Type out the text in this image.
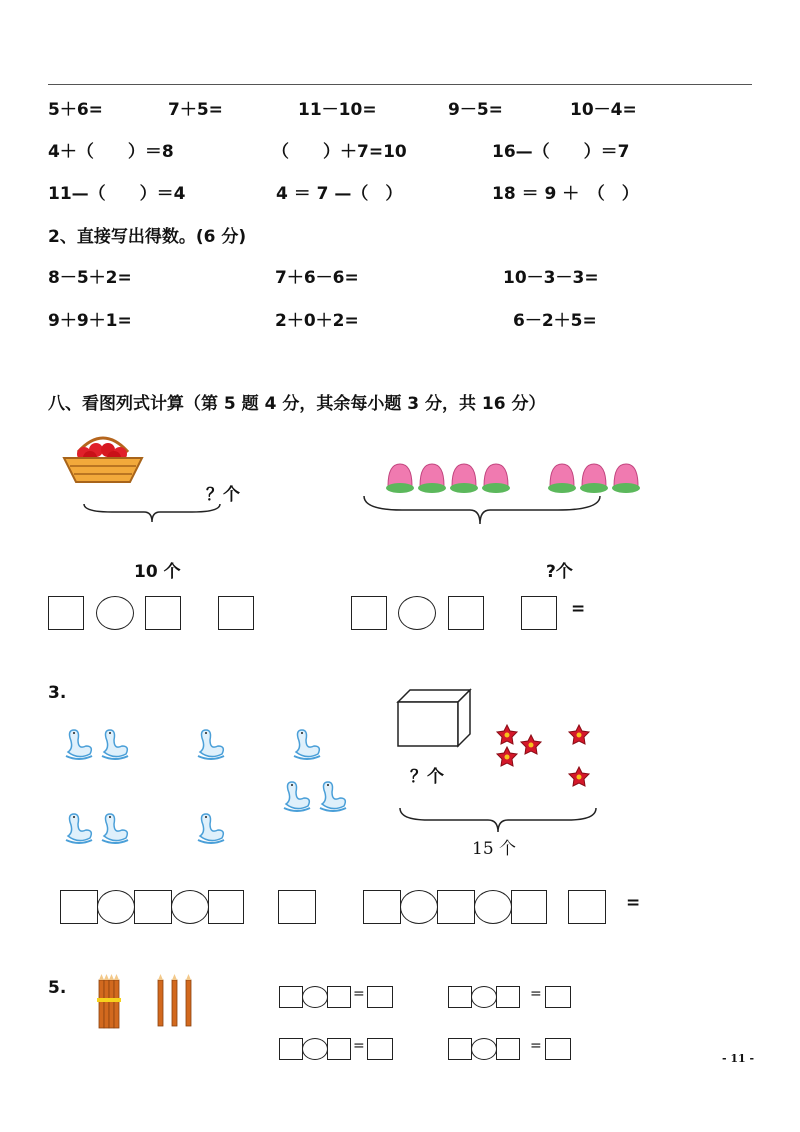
5＋6=	7＋5=	11－10=	9－5=	10－4=
4＋（　　）＝8	（　　）＋7=10	16—（　　）＝7
11—（　　）＝4	4 ＝ 7 —（　）	18 ＝ 9 ＋　（　）
2、直接写出得数。(6 分)
8－5＋2=	7＋6－6=	10－3－3=
9＋9＋1=	2＋0＋2=	6－2＋5=
八、看图列式计算（第 5 题 4 分，其余每小题 3 分，共 16 分）
？个
10 个	?个
=
3.
？个
15 个
=
5.	=	=
=	=
- 11 -
